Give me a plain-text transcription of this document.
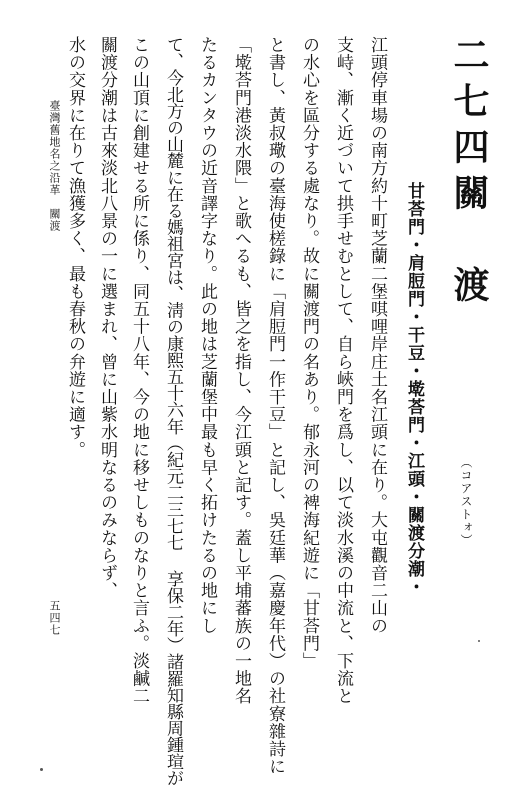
二七四關　渡
（コアストォ）
甘荅門・肩脰門・干豆・墘荅門・江頭・關渡分潮・
江頭停車場の南方約十町芝蘭二堡唭哩岸庄土名江頭に在り。大屯觀音二山の
支峙、漸く近づいて拱手せむとして、自ら峽門を爲し、以て淡水溪の中流と、下流と
の水心を區分する處なり。故に關渡門の名あり。郁永河の裨海紀遊に「甘荅門」
と書し、黃叔璥の臺海使槎錄に「肩脰門一作干豆」と記し、吳廷華（嘉慶年代）の社寮雜詩に
「墘荅門港淡水隈」と歌へるも、皆之を指し、今江頭と記す。蓋し平埔蕃族の一地名
たるカンタウの近音譯字なり。此の地は芝蘭堡中最も早く拓けたるの地にし
て、今北方の山麓に在る媽祖宮は、淸の康熙五十六年（紀元二三七七 享保二年）諸羅知縣周鍾瑄が
この山頂に創建せる所に係り、同五十八年、今の地に移せしものなりと言ふ。淡鹹二
關渡分潮は古來淡北八景の一に選まれ、曾に山紫水明なるのみならず、
水の交界に在りて漁獲多く、最も春秋の弁遊に適す。
臺灣舊地名之沿革　關渡
五四七
